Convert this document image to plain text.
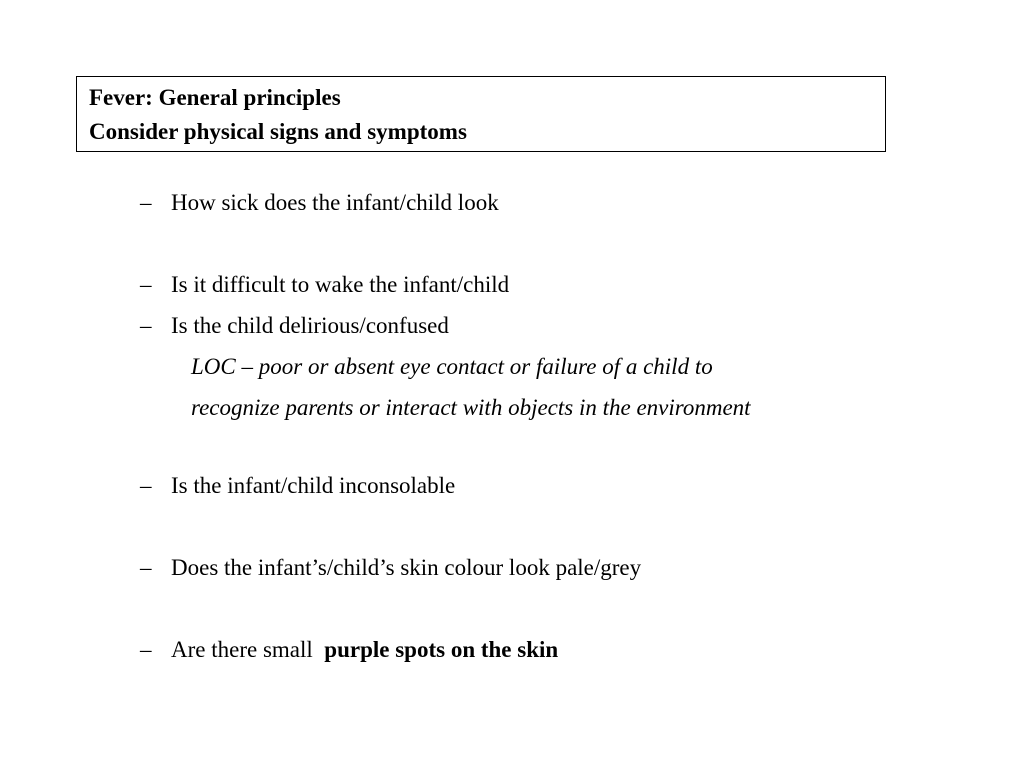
Fever: General principles
Consider physical signs and symptoms
– How sick does the infant/child look
– Is it difficult to wake the infant/child
– Is the child delirious/confused
LOC – poor or absent eye contact or failure of a child to
recognize parents or interact with objects in the environment
– Is the infant/child inconsolable
– Does the infant’s/child’s skin colour look pale/grey
– Are there small purple spots on the skin
